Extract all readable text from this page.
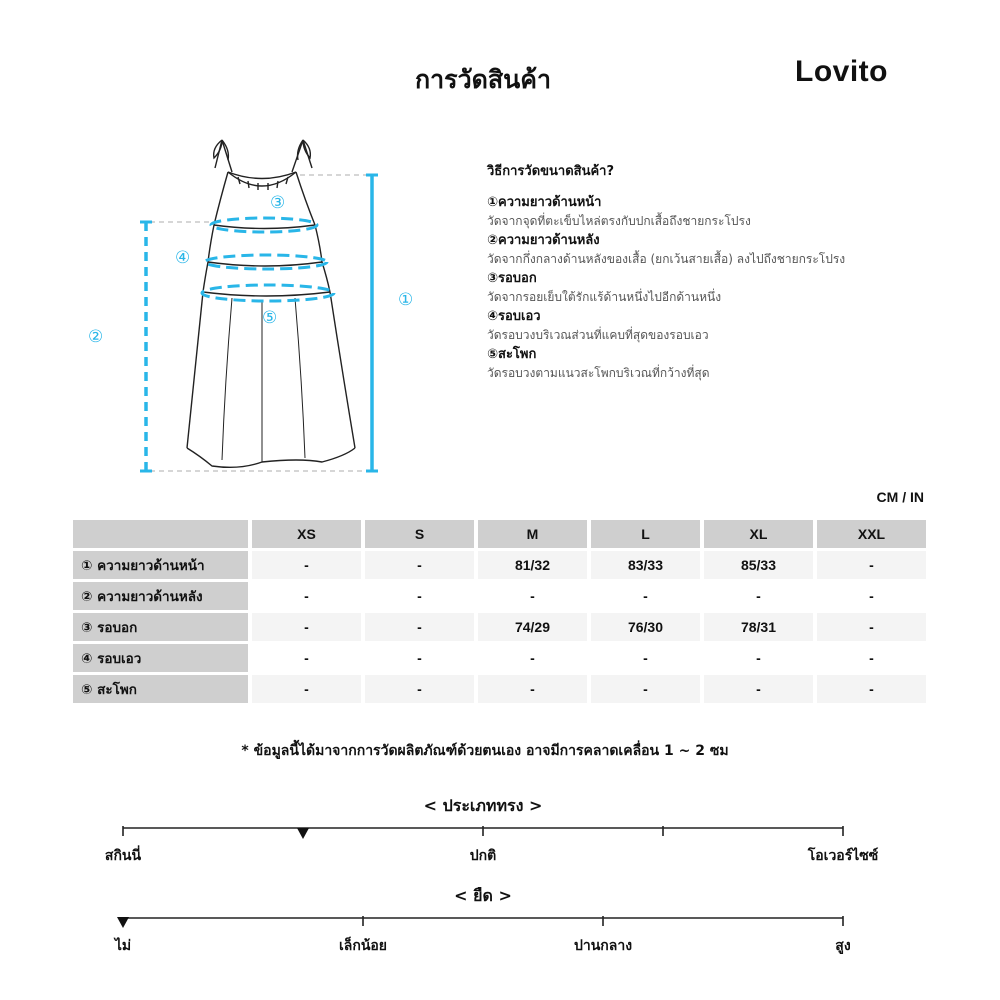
การวัดสินค้า	Lovito
①
②
③
④
⑤
วิธีการวัดขนาดสินค้า?
①ความยาวด้านหน้า
วัดจากจุดที่ตะเข็บไหล่ตรงกับปกเสื้อถึงชายกระโปรง
②ความยาวด้านหลัง
วัดจากกึ่งกลางด้านหลังของเสื้อ (ยกเว้นสายเสื้อ) ลงไปถึงชายกระโปรง
③รอบอก
วัดจากรอยเย็บใต้รักแร้ด้านหนึ่งไปอีกด้านหนึ่ง
④รอบเอว
วัดรอบวงบริเวณส่วนที่แคบที่สุดของรอบเอว
⑤สะโพก
วัดรอบวงตามแนวสะโพกบริเวณที่กว้างที่สุด
CM / IN
	XS	S	M	L	XL	XXL
① ความยาวด้านหน้า	-	-	81/32	83/33	85/33	-
② ความยาวด้านหลัง	-	-	-	-	-	-
③ รอบอก	-	-	74/29	76/30	78/31	-
④ รอบเอว	-	-	-	-	-	-
⑤ สะโพก	-	-	-	-	-	-
* ข้อมูลนี้ได้มาจากการวัดผลิตภัณฑ์ด้วยตนเอง อาจมีการคลาดเคลื่อน 1 ~ 2 ซม
< ประเภททรง >
< ยืด >
สกินนี่	ปกติ	โอเวอร์ไซซ์
ไม่	เล็กน้อย	ปานกลาง	สูง
